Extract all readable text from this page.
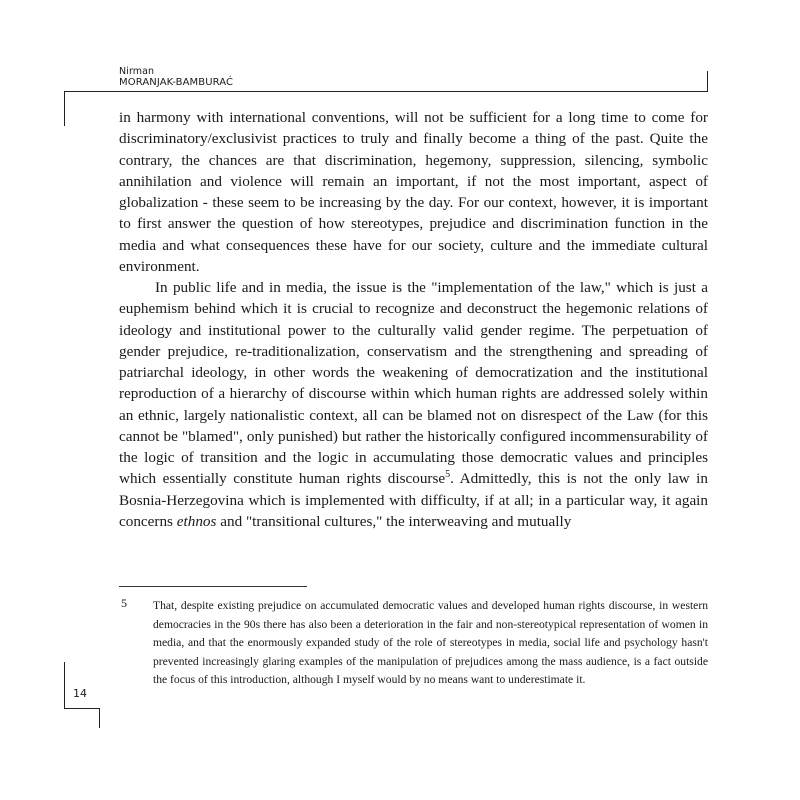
Nirman
MORANJAK-BAMBURAĆ

in harmony with international conventions, will not be sufficient for a long time to come for discriminatory/exclusivist practices to truly and finally become a thing of the past. Quite the contrary, the chances are that discrimination, hegemony, suppression, silencing, symbolic annihilation and violence will remain an important, if not the most important, aspect of globalization - these seem to be increasing by the day. For our context, however, it is important to first answer the question of how stereotypes, prejudice and discrimination function in the media and what consequences these have for our society, culture and the immediate cultural environment.

In public life and in media, the issue is the "implementation of the law," which is just a euphemism behind which it is crucial to recognize and deconstruct the hegemonic relations of ideology and institutional power to the culturally valid gender regime. The perpetuation of gender prejudice, re-traditionalization, conservatism and the strengthening and spreading of patriarchal ideology, in other words the weakening of democratization and the institutional reproduction of a hierarchy of discourse within which human rights are addressed solely within an ethnic, largely nationalistic context, all can be blamed not on disrespect of the Law (for this cannot be "blamed", only punished) but rather the historically configured incommensurability of the logic of transition and the logic in accumulating those democratic values and principles which essentially constitute human rights discourse$^5$. Admittedly, this is not the only law in Bosnia-Herzegovina which is implemented with difficulty, if at all; in a particular way, it again concerns ethnos and "transitional cultures," the interweaving and mutually

5 That, despite existing prejudice on accumulated democratic values and developed human rights discourse, in western democracies in the 90s there has also been a deterioration in the fair and non-stereotypical representation of women in media, and that the enormously expanded study of the role of stereotypes in media, social life and psychology hasn't prevented increasingly glaring examples of the manipulation of prejudices among the mass audience, is a fact outside the focus of this introduction, although I myself would by no means want to underestimate it.
14
